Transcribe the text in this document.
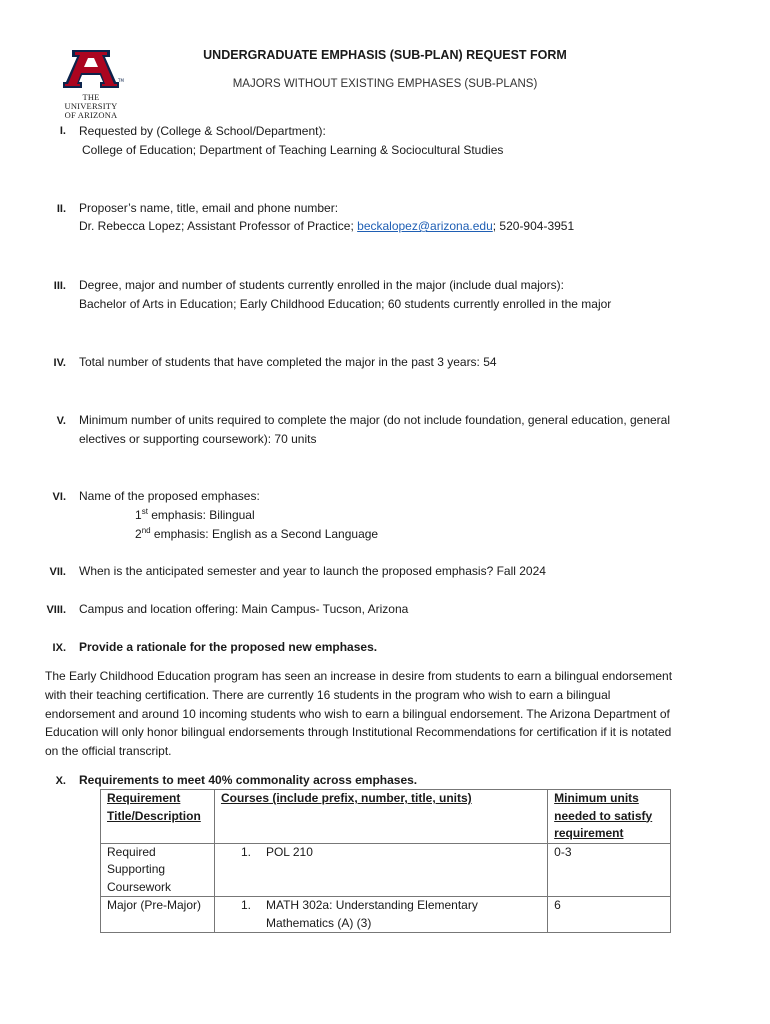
TM
THE UNIVERSITY
OF ARIZONA
UNDERGRADUATE EMPHASIS (SUB-PLAN) REQUEST FORM
MAJORS WITHOUT EXISTING EMPHASES (SUB-PLANS)
I. Requested by (College & School/Department):
College of Education; Department of Teaching Learning & Sociocultural Studies
II. Proposer’s name, title, email and phone number:
Dr. Rebecca Lopez; Assistant Professor of Practice; beckalopez@arizona.edu; 520-904-3951
III. Degree, major and number of students currently enrolled in the major (include dual majors):
Bachelor of Arts in Education; Early Childhood Education; 60 students currently enrolled in the major
IV. Total number of students that have completed the major in the past 3 years: 54
V. Minimum number of units required to complete the major (do not include foundation, general education, general
electives or supporting coursework): 70 units
VI. Name of the proposed emphases:
1st emphasis: Bilingual
2nd emphasis: English as a Second Language
VII. When is the anticipated semester and year to launch the proposed emphasis? Fall 2024
VIII. Campus and location offering: Main Campus- Tucson, Arizona
IX. Provide a rationale for the proposed new emphases.
The Early Childhood Education program has seen an increase in desire from students to earn a bilingual endorsement
with their teaching certification. There are currently 16 students in the program who wish to earn a bilingual
endorsement and around 10 incoming students who wish to earn a bilingual endorsement. The Arizona Department of
Education will only honor bilingual endorsements through Institutional Recommendations for certification if it is notated
on the official transcript.
X. Requirements to meet 40% commonality across emphases.
Requirement Title/Description	Courses (include prefix, number, title, units)	Minimum units needed to satisfy requirement
Required Supporting Coursework	1. POL 210	0-3
Major (Pre-Major)	1. MATH 302a: Understanding Elementary Mathematics (A) (3)	6
